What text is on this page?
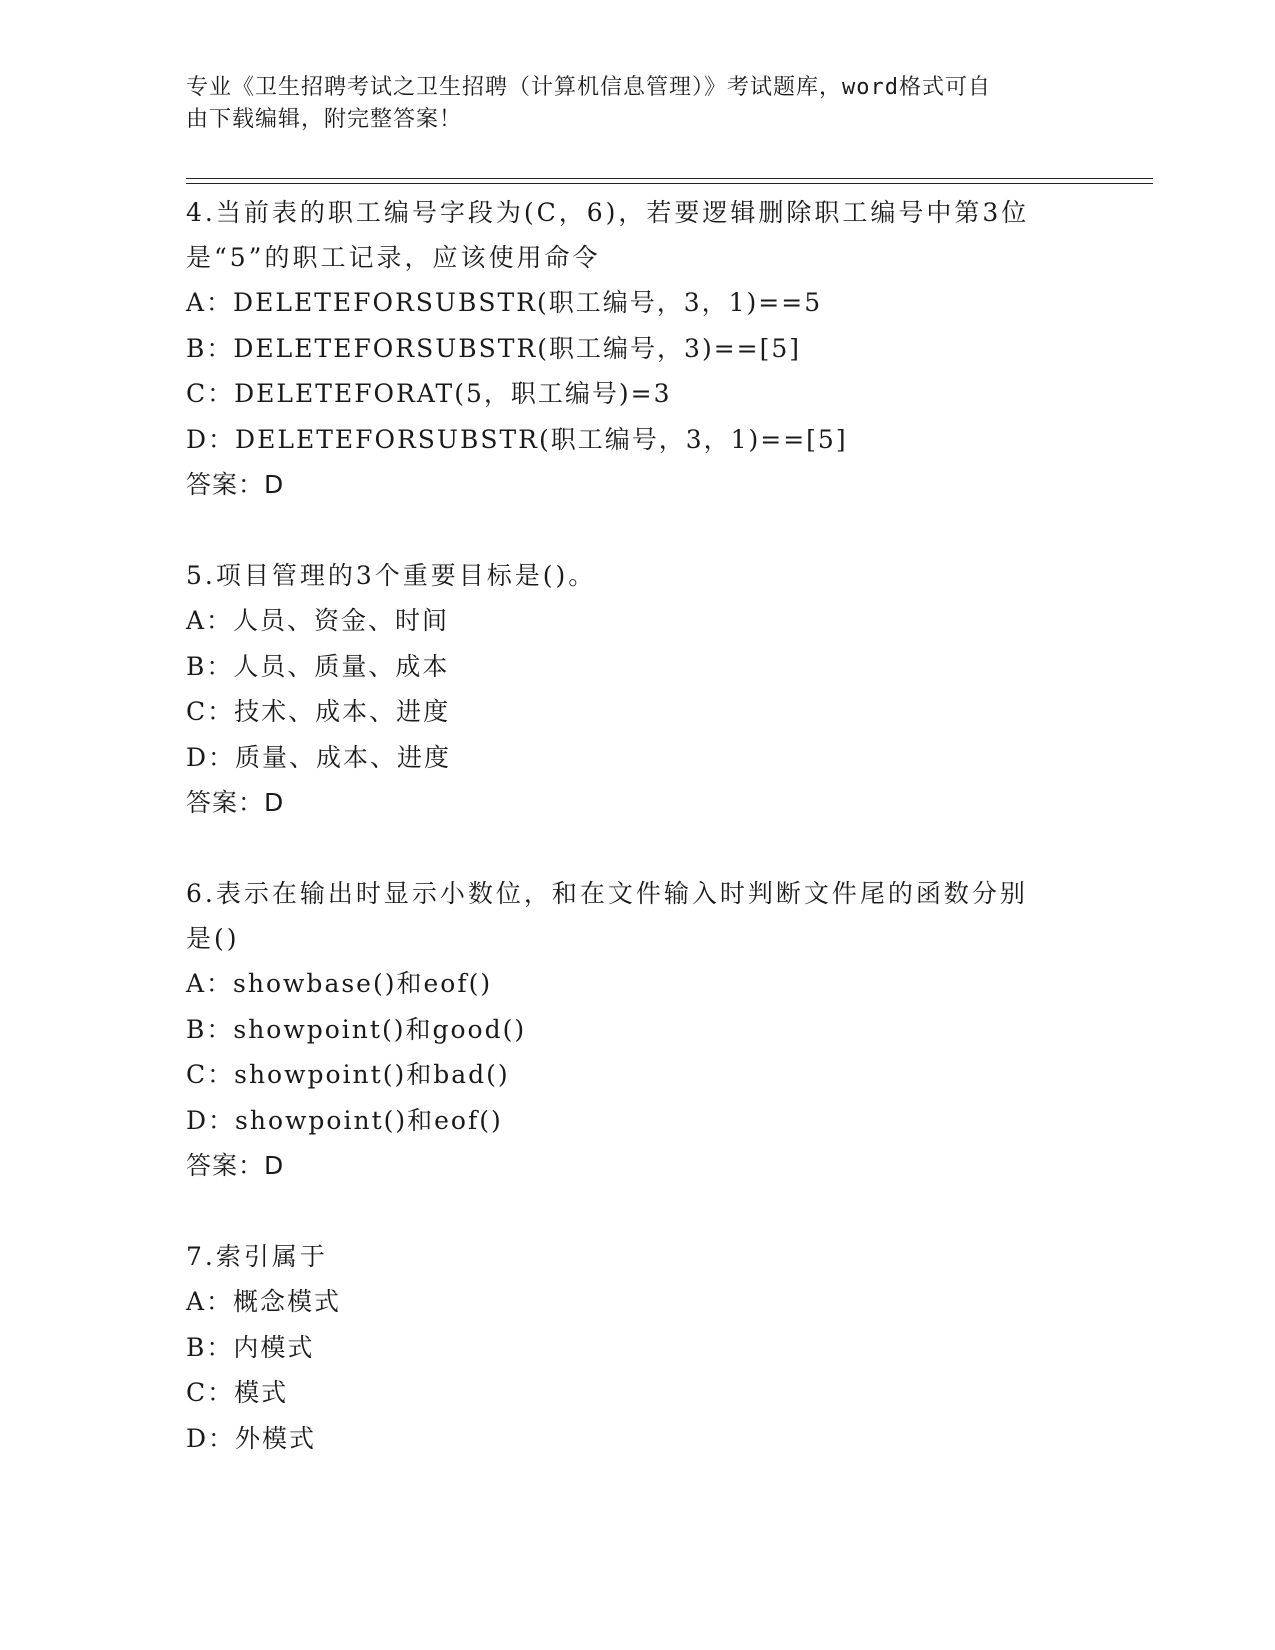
专业《卫生招聘考试之卫生招聘（计算机信息管理）》考试题库，word格式可自
由下载编辑，附完整答案！
4.当前表的职工编号字段为(C，6)，若要逻辑删除职工编号中第3位
是“5”的职工记录，应该使用命令
A：DELETEFORSUBSTR(职工编号，3，1)==5
B：DELETEFORSUBSTR(职工编号，3)==[5]
C：DELETEFORAT(5，职工编号)=3
D：DELETEFORSUBSTR(职工编号，3，1)==[5]
答案：D
5.项目管理的3个重要目标是()。
A：人员、资金、时间
B：人员、质量、成本
C：技术、成本、进度
D：质量、成本、进度
答案：D
6.表示在输出时显示小数位，和在文件输入时判断文件尾的函数分别
是()
A：showbase()和eof()
B：showpoint()和good()
C：showpoint()和bad()
D：showpoint()和eof()
答案：D
7.索引属于
A：概念模式
B：内模式
C：模式
D：外模式
